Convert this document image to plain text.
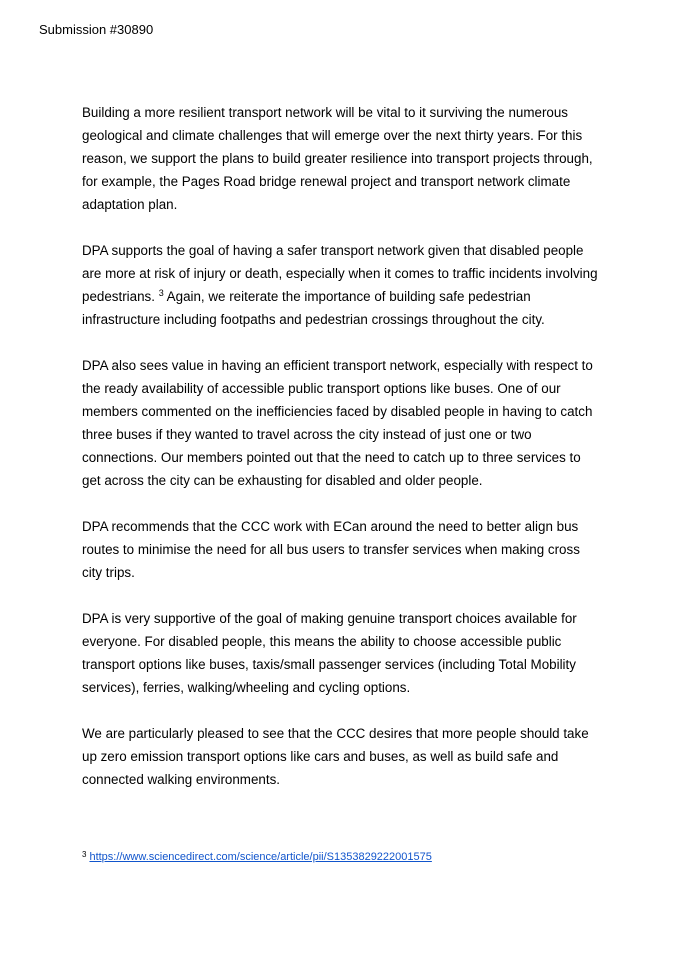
Submission #30890

Building a more resilient transport network will be vital to it surviving the numerous geological and climate challenges that will emerge over the next thirty years. For this reason, we support the plans to build greater resilience into transport projects through, for example, the Pages Road bridge renewal project and transport network climate adaptation plan.

DPA supports the goal of having a safer transport network given that disabled people are more at risk of injury or death, especially when it comes to traffic incidents involving pedestrians. $^3$ Again, we reiterate the importance of building safe pedestrian infrastructure including footpaths and pedestrian crossings throughout the city.

DPA also sees value in having an efficient transport network, especially with respect to the ready availability of accessible public transport options like buses. One of our members commented on the inefficiencies faced by disabled people in having to catch three buses if they wanted to travel across the city instead of just one or two connections. Our members pointed out that the need to catch up to three services to get across the city can be exhausting for disabled and older people.

DPA recommends that the CCC work with ECan around the need to better align bus routes to minimise the need for all bus users to transfer services when making cross city trips.

DPA is very supportive of the goal of making genuine transport choices available for everyone. For disabled people, this means the ability to choose accessible public transport options like buses, taxis/small passenger services (including Total Mobility services), ferries, walking/wheeling and cycling options.

We are particularly pleased to see that the CCC desires that more people should take up zero emission transport options like cars and buses, as well as build safe and connected walking environments.

$^3$ https://www.sciencedirect.com/science/article/pii/S1353829222001575
